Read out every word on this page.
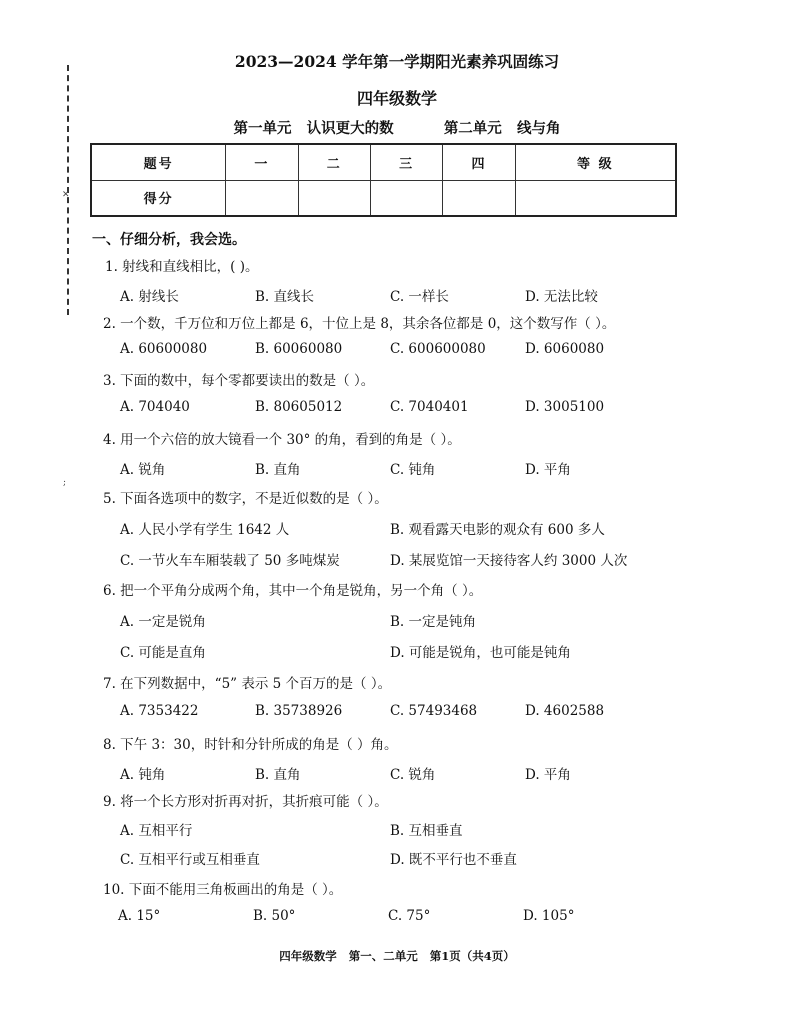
✕
;
2023—2024 学年第一学期阳光素养巩固练习
四年级数学
第一单元   认识更大的数	第二单元   线与角
题号	一	二	三	四	等 级
得分					
一、仔细分析，我会选。
1. 射线和直线相比，( )。
A. 射线长	B. 直线长	C. 一样长	D. 无法比较
2. 一个数，千万位和万位上都是 6，十位上是 8，其余各位都是 0，这个数写作（ ）。
A. 60600080	B. 60060080	C. 600600080	D. 6060080
3. 下面的数中，每个零都要读出的数是（ ）。
A. 704040	B. 80605012	C. 7040401	D. 3005100
4. 用一个六倍的放大镜看一个 30° 的角，看到的角是（ ）。
A. 锐角	B. 直角	C. 钝角	D. 平角
5. 下面各选项中的数字，不是近似数的是（ ）。
A. 人民小学有学生 1642 人	B. 观看露天电影的观众有 600 多人
C. 一节火车车厢装载了 50 多吨煤炭	D. 某展览馆一天接待客人约 3000 人次
6. 把一个平角分成两个角，其中一个角是锐角，另一个角（ ）。
A. 一定是锐角	B. 一定是钝角
C. 可能是直角	D. 可能是锐角，也可能是钝角
7. 在下列数据中，“5” 表示 5 个百万的是（ ）。
A. 7353422	B. 35738926	C. 57493468	D. 4602588
8. 下午 3：30，时针和分针所成的角是（ ）角。
A. 钝角	B. 直角	C. 锐角	D. 平角
9. 将一个长方形对折再对折，其折痕可能（ ）。
A. 互相平行	B. 互相垂直
C. 互相平行或互相垂直	D. 既不平行也不垂直
10. 下面不能用三角板画出的角是（ ）。
A. 15°	B. 50°	C. 75°	D. 105°
四年级数学   第一、二单元   第1页（共4页）
